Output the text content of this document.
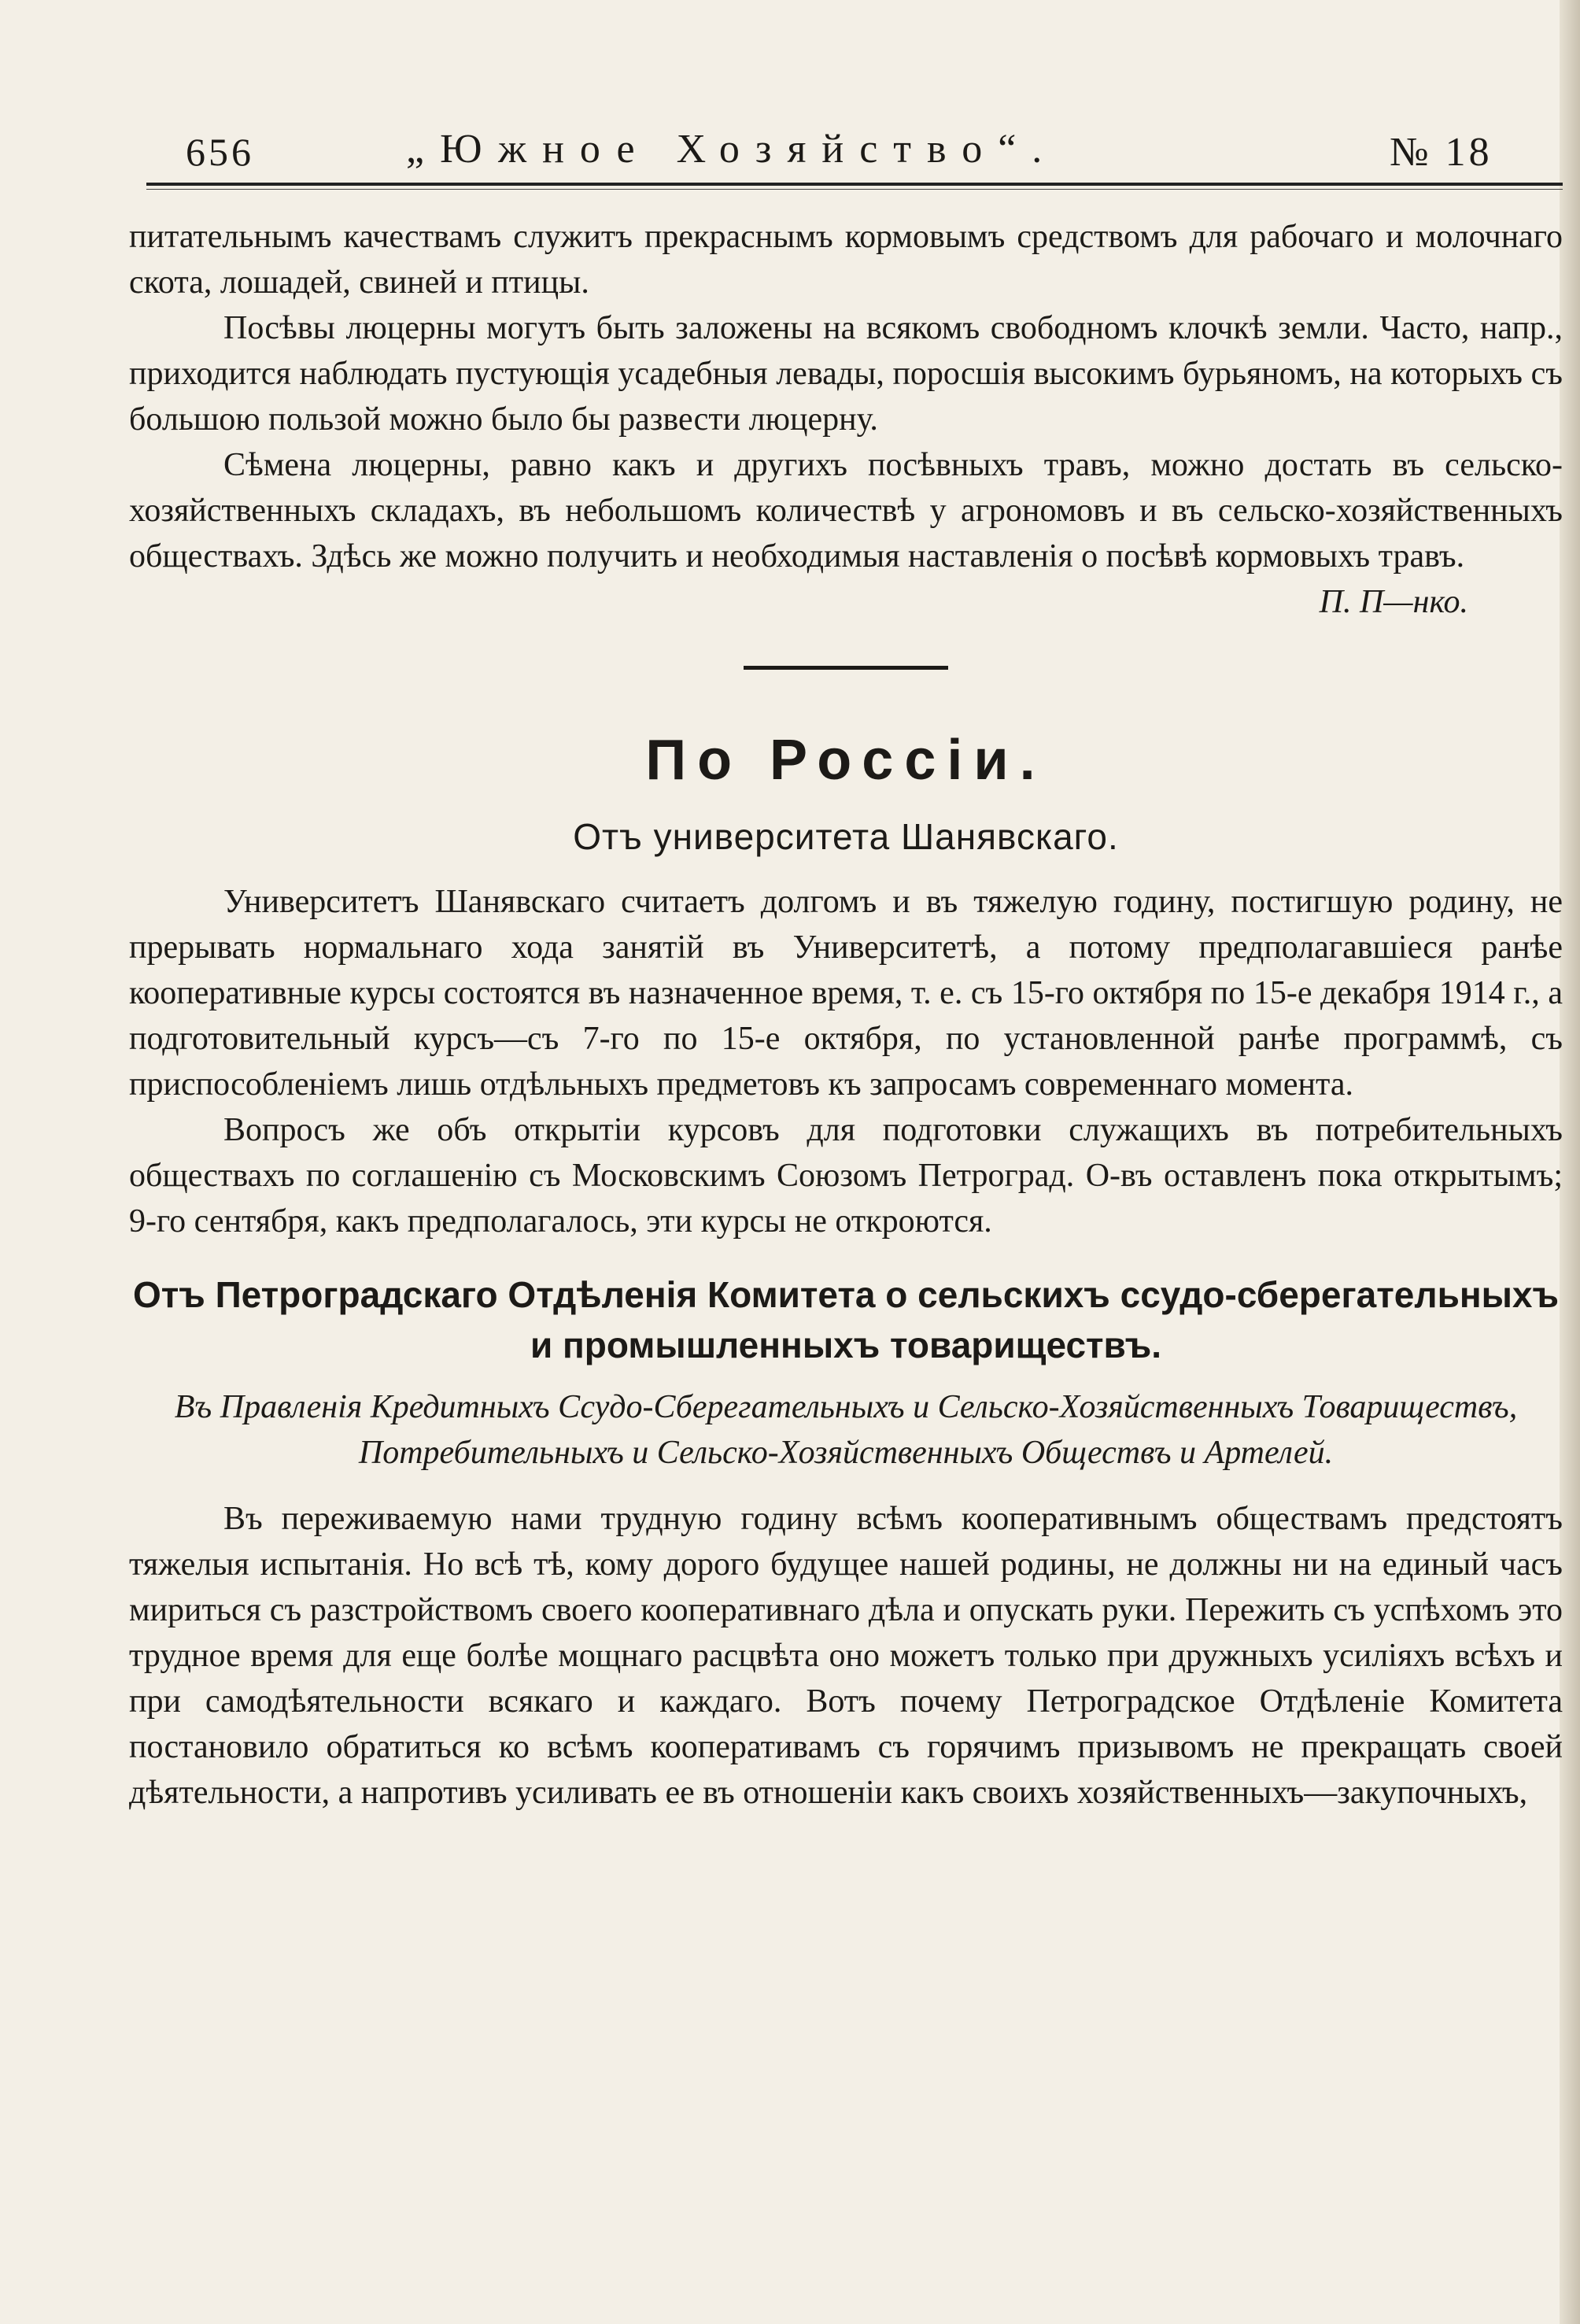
656	„Южное Хозяйство“.	№ 18

питательнымъ качествамъ служитъ прекраснымъ кормовымъ средствомъ для рабочаго и молочнаго скота, лошадей, свиней и птицы.

Посѣвы люцерны могутъ быть заложены на всякомъ свободномъ клочкѣ земли. Часто, напр., приходится наблюдать пустующія усадебныя левады, поросшія высокимъ бурьяномъ, на которыхъ съ большою пользой можно было бы развести люцерну.

Сѣмена люцерны, равно какъ и другихъ посѣвныхъ травъ, можно достать въ сельско-хозяйственныхъ складахъ, въ небольшомъ количествѣ у агрономовъ и въ сельско-хозяйственныхъ обществахъ. Здѣсь же можно получить и необходимыя наставленія о посѣвѣ кормовыхъ травъ.

П. П—нко.
По Россіи.
Отъ университета Шанявскаго.

Университетъ Шанявскаго считаетъ долгомъ и въ тяжелую годину, постигшую родину, не прерывать нормальнаго хода занятій въ Университетѣ, а потому предполагавшіеся ранѣе кооперативные курсы состоятся въ назначенное время, т. е. съ 15-го октября по 15-е декабря 1914 г., а подготовительный курсъ—съ 7-го по 15-е октября, по установленной ранѣе программѣ, съ приспособленіемъ лишь отдѣльныхъ предметовъ къ запросамъ современнаго момента.

Вопросъ же объ открытіи курсовъ для подготовки служащихъ въ потребительныхъ обществахъ по соглашенію съ Московскимъ Союзомъ Петроград. О-въ оставленъ пока открытымъ; 9-го сентября, какъ предполагалось, эти курсы не откроются.

Отъ Петроградскаго Отдѣленія Комитета о сельскихъ ссудо-сберегательныхъ и промышленныхъ товариществъ.
Въ Правленія Кредитныхъ Ссудо-Сберегательныхъ и Сельско-Хозяйственныхъ Товариществъ, Потребительныхъ и Сельско-Хозяйственныхъ Обществъ и Артелей.

Въ переживаемую нами трудную годину всѣмъ кооперативнымъ обществамъ предстоятъ тяжелыя испытанія. Но всѣ тѣ, кому дорого будущее нашей родины, не должны ни на единый часъ мириться съ разстройствомъ своего кооперативнаго дѣла и опускать руки. Пережить съ успѣхомъ это трудное время для еще болѣе мощнаго расцвѣта оно можетъ только при дружныхъ усиліяхъ всѣхъ и при самодѣятельности всякаго и каждаго. Вотъ почему Петроградское Отдѣленіе Комитета постановило обратиться ко всѣмъ кооперативамъ съ горячимъ призывомъ не прекращать своей дѣятельности, а напротивъ усиливать ее въ отношеніи какъ своихъ хозяйственныхъ—закупочныхъ,
